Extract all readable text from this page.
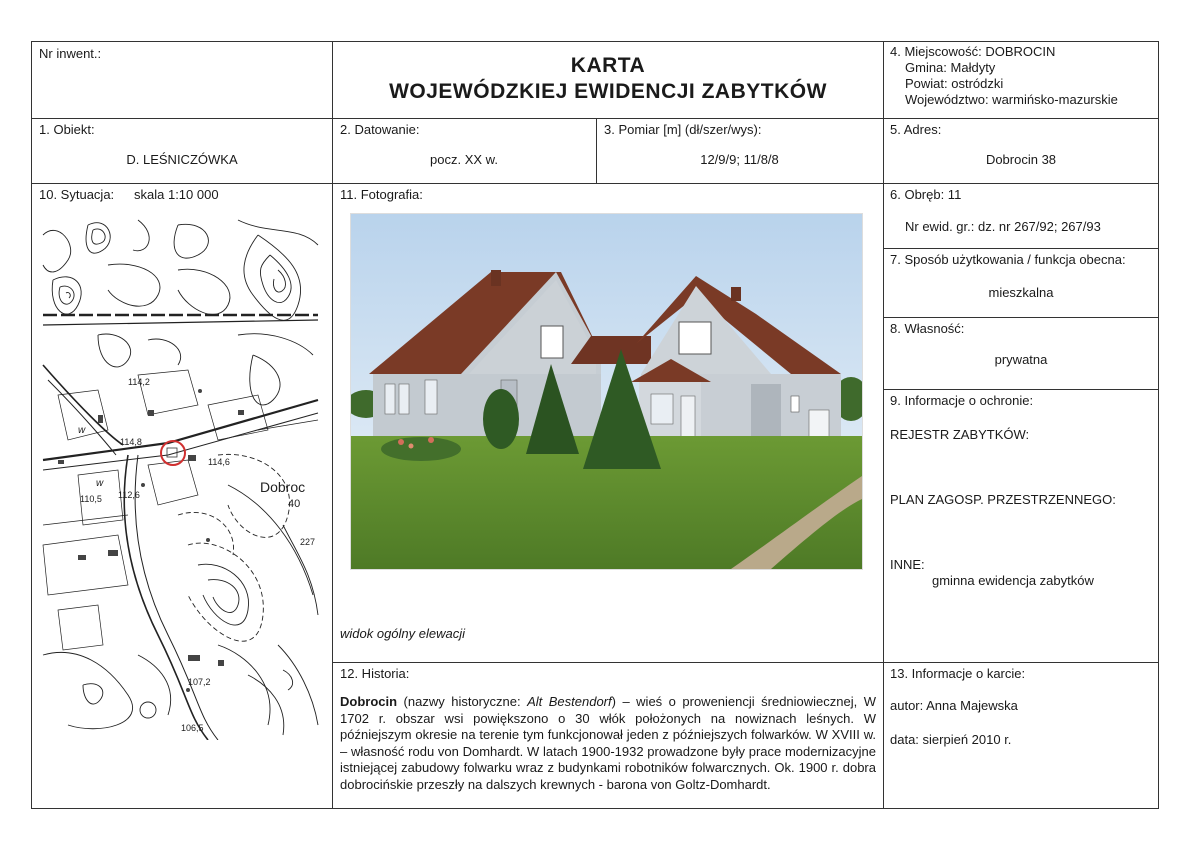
Nr inwent.:
KARTA
WOJEWÓDZKIEJ EWIDENCJI ZABYTKÓW
4. Miejscowość: DOBROCIN
Gmina: Małdyty
Powiat: ostródzki
Województwo: warmińsko-mazurskie
1. Obiekt:
D. LEŚNICZÓWKA
2. Datowanie:
pocz. XX w.
3. Pomiar [m] (dł/szer/wys):
12/9/9; 11/8/8
5. Adres:
Dobrocin 38
10. Sytuacja: skala 1:10 000
Dobroc
40
110,5 112,6
114,8
114,6
107,2
106,5
227
114,2
w
w
11. Fotografia:
widok ogólny elewacji
6. Obręb: 11
Nr ewid. gr.: dz. nr 267/92; 267/93
7. Sposób użytkowania / funkcja obecna:
mieszkalna
8. Własność:
prywatna
9. Informacje o ochronie:
REJESTR ZABYTKÓW:
PLAN ZAGOSP. PRZESTRZENNEGO:
INNE:
gminna ewidencja zabytków
13. Informacje o karcie:
autor: Anna Majewska
data: sierpień 2010 r.
12. Historia:
Dobrocin (nazwy historyczne: Alt Bestendorf) – wieś o proweniencji średniowiecznej, W 1702 r. obszar wsi powiększono o 30 włók położonych na nowiznach leśnych. W późniejszym okresie na terenie tym funkcjonował jeden z późniejszych folwarków. W XVIII w. – własność rodu von Domhardt. W latach 1900-1932 prowadzone były prace modernizacyjne istniejącej zabudowy folwarku wraz z budynkami robotników folwarcznych. Ok. 1900 r. dobra dobrocińskie przeszły na dalszych krewnych - barona von Goltz-Domhardt.
